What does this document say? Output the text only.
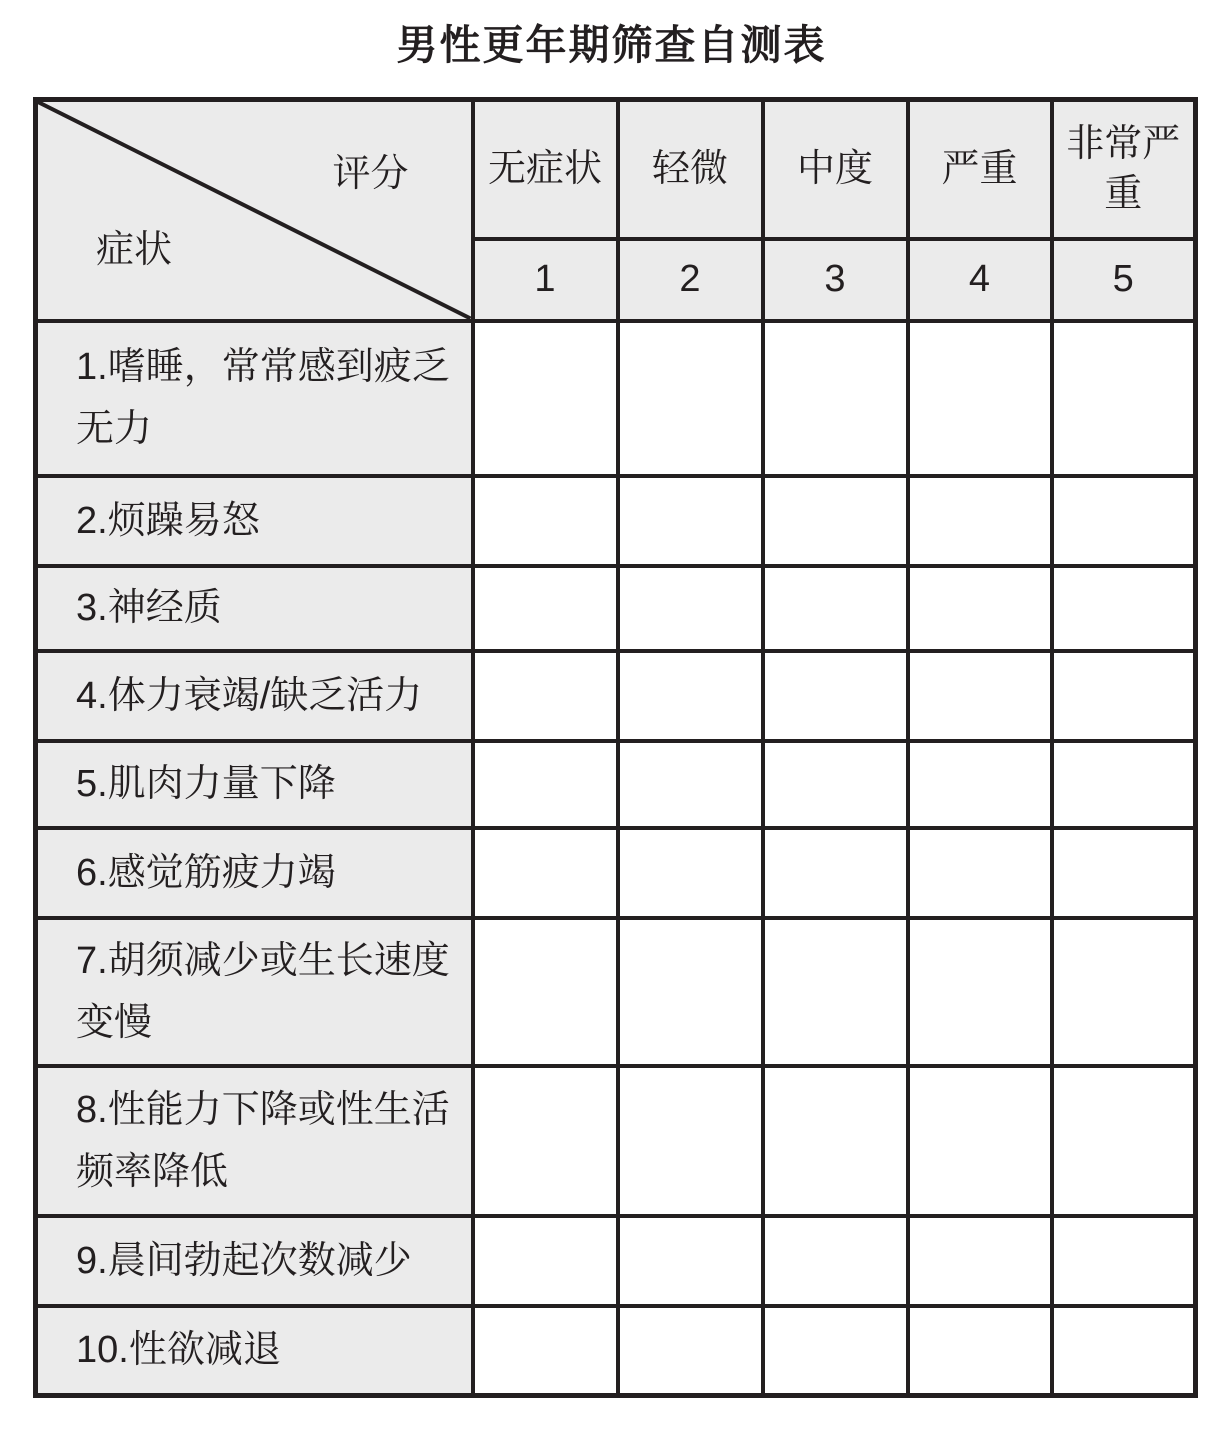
男性更年期筛查自测表
评分
症状	无症状	轻微	中度	严重	非常严重
	1	2	3	4	5
1.嗜睡，常常感到疲乏无力					
2.烦躁易怒					
3.神经质					
4.体力衰竭/缺乏活力					
5.肌肉力量下降					
6.感觉筋疲力竭					
7.胡须减少或生长速度变慢					
8.性能力下降或性生活频率降低					
9.晨间勃起次数减少					
10.性欲减退					
